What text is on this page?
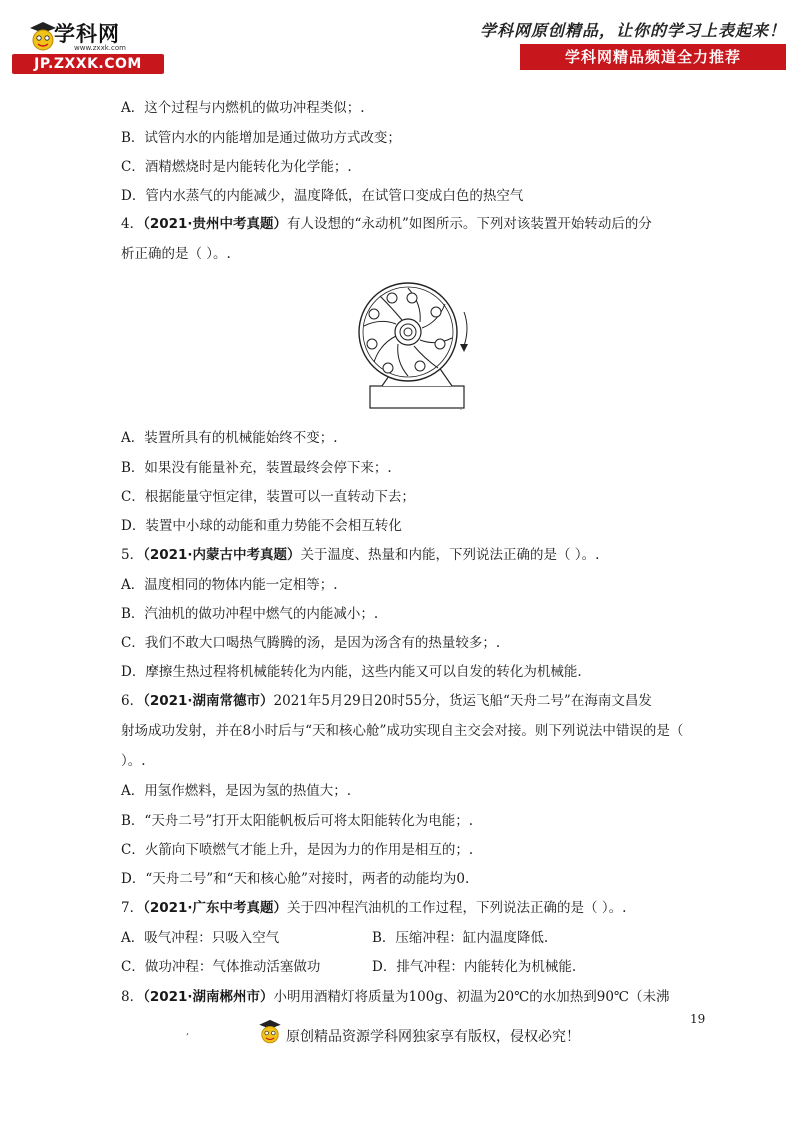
学科网
www.zxxk.com
JP.ZXXK.COM
学科网原创精品，让你的学习上表起来！
学科网精品频道全力推荐
A．这个过程与内燃机的做功冲程类似；.
B．试管内水的内能增加是通过做功方式改变；
C．酒精燃烧时是内能转化为化学能；.
D．管内水蒸气的内能减少，温度降低，在试管口变成白色的热空气
4．（2021·贵州中考真题）有人设想的“永动机”如图所示。下列对该装置开始转动后的分
析正确的是（ ）。.
.
A．装置所具有的机械能始终不变；.
B．如果没有能量补充，装置最终会停下来；.
C．根据能量守恒定律，装置可以一直转动下去；
D．装置中小球的动能和重力势能不会相互转化
5．（2021·内蒙古中考真题）关于温度、热量和内能，下列说法正确的是（ ）。.
A．温度相同的物体内能一定相等；.
B．汽油机的做功冲程中燃气的内能减小；.
C．我们不敢大口喝热气腾腾的汤，是因为汤含有的热量较多；.
D．摩擦生热过程将机械能转化为内能，这些内能又可以自发的转化为机械能.
6．（2021·湖南常德市）2021年5月29日20时55分，货运飞船“天舟二号”在海南文昌发
射场成功发射，并在8小时后与“天和核心舱”成功实现自主交会对接。则下列说法中错误的是（
）。.
A．用氢作燃料，是因为氢的热值大；.
B．“天舟二号”打开太阳能帆板后可将太阳能转化为电能；.
C．火箭向下喷燃气才能上升，是因为力的作用是相互的；.
D．“天舟二号”和“天和核心舱”对接时，两者的动能均为0.
7．（2021·广东中考真题）关于四冲程汽油机的工作过程，下列说法正确的是（ ）。.
A．吸气冲程：只吸入空气	B．压缩冲程：缸内温度降低.
C．做功冲程：气体推动活塞做功	D．排气冲程：内能转化为机械能.
8．（2021·湖南郴州市）小明用酒精灯将质量为100g、初温为20℃的水加热到90℃（未沸
19
,	原创精品资源学科网独家享有版权，侵权必究！
